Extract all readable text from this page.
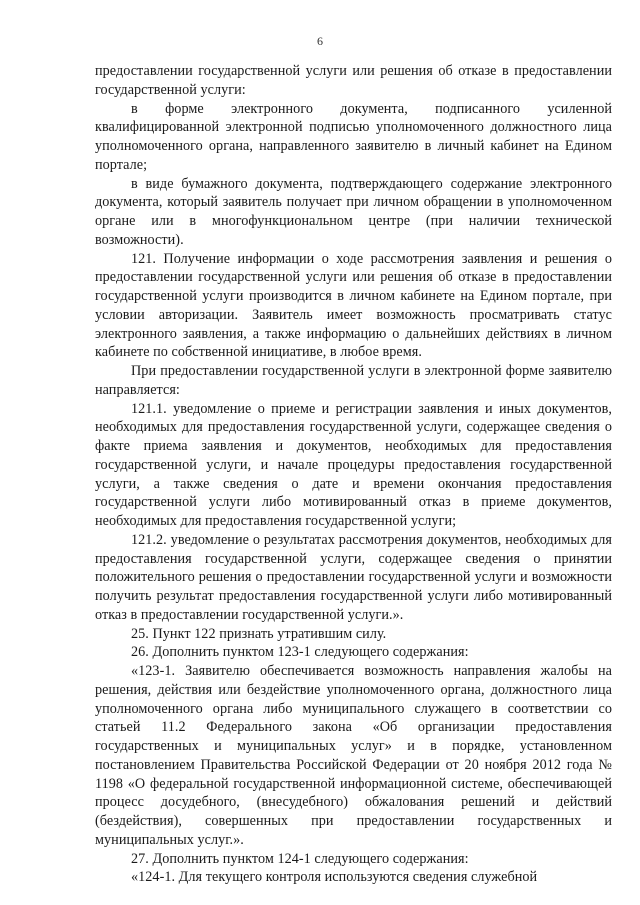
6

предоставлении государственной услуги или решения об отказе в предоставлении государственной услуги:

в форме электронного документа, подписанного усиленной квалифицированной электронной подписью уполномоченного должностного лица уполномоченного органа, направленного заявителю в личный кабинет на Едином портале;

в виде бумажного документа, подтверждающего содержание электронного документа, который заявитель получает при личном обращении в уполномоченном органе или в многофункциональном центре (при наличии технической возможности).

121. Получение информации о ходе рассмотрения заявления и решения о предоставлении государственной услуги или решения об отказе в предоставлении государственной услуги производится в личном кабинете на Едином портале, при условии авторизации. Заявитель имеет возможность просматривать статус электронного заявления, а также информацию о дальнейших действиях в личном кабинете по собственной инициативе, в любое время.

При предоставлении государственной услуги в электронной форме заявителю направляется:

121.1. уведомление о приеме и регистрации заявления и иных документов, необходимых для предоставления государственной услуги, содержащее сведения о факте приема заявления и документов, необходимых для предоставления государственной услуги, и начале процедуры предоставления государственной услуги, а также сведения о дате и времени окончания предоставления государственной услуги либо мотивированный отказ в приеме документов, необходимых для предоставления государственной услуги;

121.2. уведомление о результатах рассмотрения документов, необходимых для предоставления государственной услуги, содержащее сведения о принятии положительного решения о предоставлении государственной услуги и возможности получить результат предоставления государственной услуги либо мотивированный отказ в предоставлении государственной услуги.».

25. Пункт 122 признать утратившим силу.

26. Дополнить пунктом 123-1 следующего содержания:

«123-1. Заявителю обеспечивается возможность направления жалобы на решения, действия или бездействие уполномоченного органа, должностного лица уполномоченного органа либо муниципального служащего в соответствии со статьей 11.2 Федерального закона «Об организации предоставления государственных и муниципальных услуг» и в порядке, установленном постановлением Правительства Российской Федерации от 20 ноября 2012 года № 1198 «О федеральной государственной информационной системе, обеспечивающей процесс досудебного, (внесудебного) обжалования решений и действий (бездействия), совершенных при предоставлении государственных и муниципальных услуг.».

27. Дополнить пунктом 124-1 следующего содержания:

«124-1. Для текущего контроля используются сведения служебной
